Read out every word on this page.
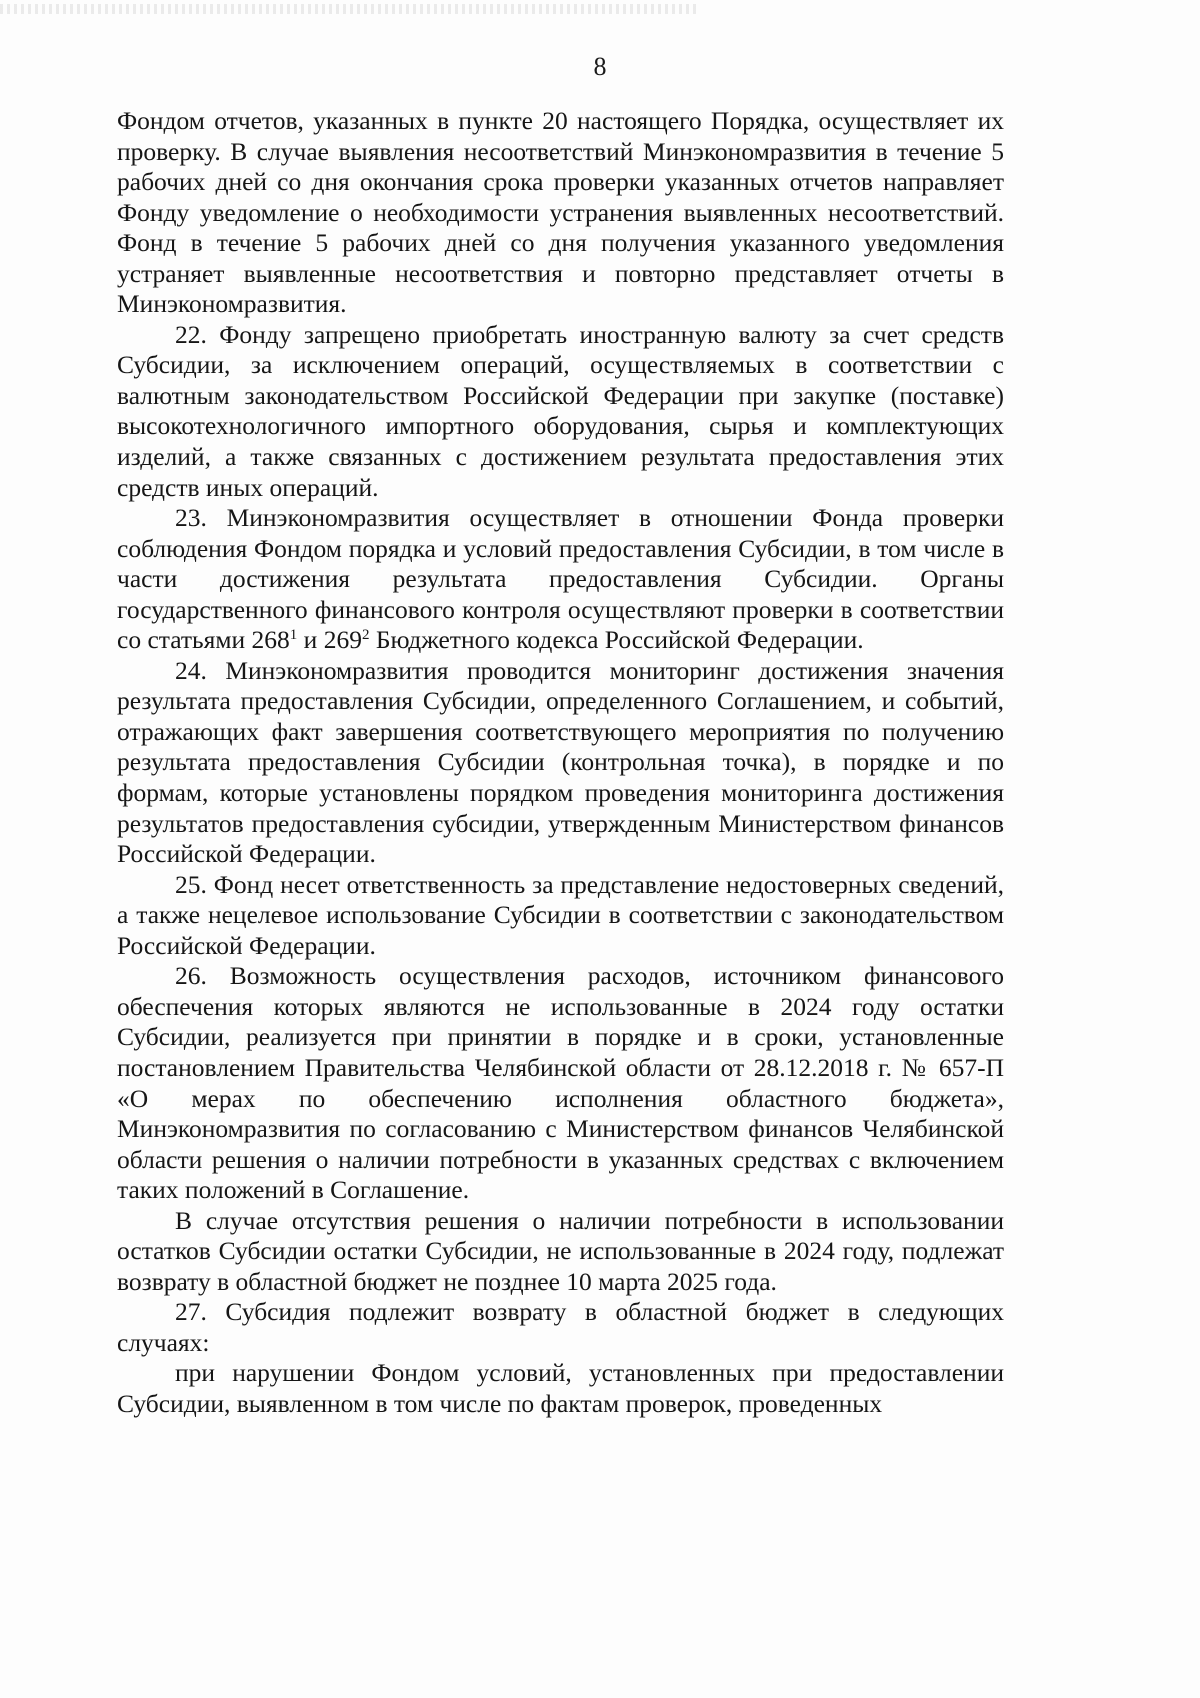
8

Фондом отчетов, указанных в пункте 20 настоящего Порядка, осуществляет их проверку. В случае выявления несоответствий Минэкономразвития в течение 5 рабочих дней со дня окончания срока проверки указанных отчетов направляет Фонду уведомление о необходимости устранения выявленных несоответствий. Фонд в течение 5 рабочих дней со дня получения указанного уведомления устраняет выявленные несоответствия и повторно представляет отчеты в Минэкономразвития.

22. Фонду запрещено приобретать иностранную валюту за счет средств Субсидии, за исключением операций, осуществляемых в соответствии с валютным законодательством Российской Федерации при закупке (поставке) высокотехнологичного импортного оборудования, сырья и комплектующих изделий, а также связанных с достижением результата предоставления этих средств иных операций.

23. Минэкономразвития осуществляет в отношении Фонда проверки соблюдения Фондом порядка и условий предоставления Субсидии, в том числе в части достижения результата предоставления Субсидии. Органы государственного финансового контроля осуществляют проверки в соответствии со статьями $268^1$ и $269^2$ Бюджетного кодекса Российской Федерации.

24. Минэкономразвития проводится мониторинг достижения значения результата предоставления Субсидии, определенного Соглашением, и событий, отражающих факт завершения соответствующего мероприятия по получению результата предоставления Субсидии (контрольная точка), в порядке и по формам, которые установлены порядком проведения мониторинга достижения результатов предоставления субсидии, утвержденным Министерством финансов Российской Федерации.

25. Фонд несет ответственность за представление недостоверных сведений, а также нецелевое использование Субсидии в соответствии с законодательством Российской Федерации.

26. Возможность осуществления расходов, источником финансового обеспечения которых являются не использованные в 2024 году остатки Субсидии, реализуется при принятии в порядке и в сроки, установленные постановлением Правительства Челябинской области от 28.12.2018 г. № 657-П «О мерах по обеспечению исполнения областного бюджета», Минэкономразвития по согласованию с Министерством финансов Челябинской области решения о наличии потребности в указанных средствах с включением таких положений в Соглашение.

В случае отсутствия решения о наличии потребности в использовании остатков Субсидии остатки Субсидии, не использованные в 2024 году, подлежат возврату в областной бюджет не позднее 10 марта 2025 года.

27. Субсидия подлежит возврату в областной бюджет в следующих случаях:

при нарушении Фондом условий, установленных при предоставлении Субсидии, выявленном в том числе по фактам проверок, проведенных
